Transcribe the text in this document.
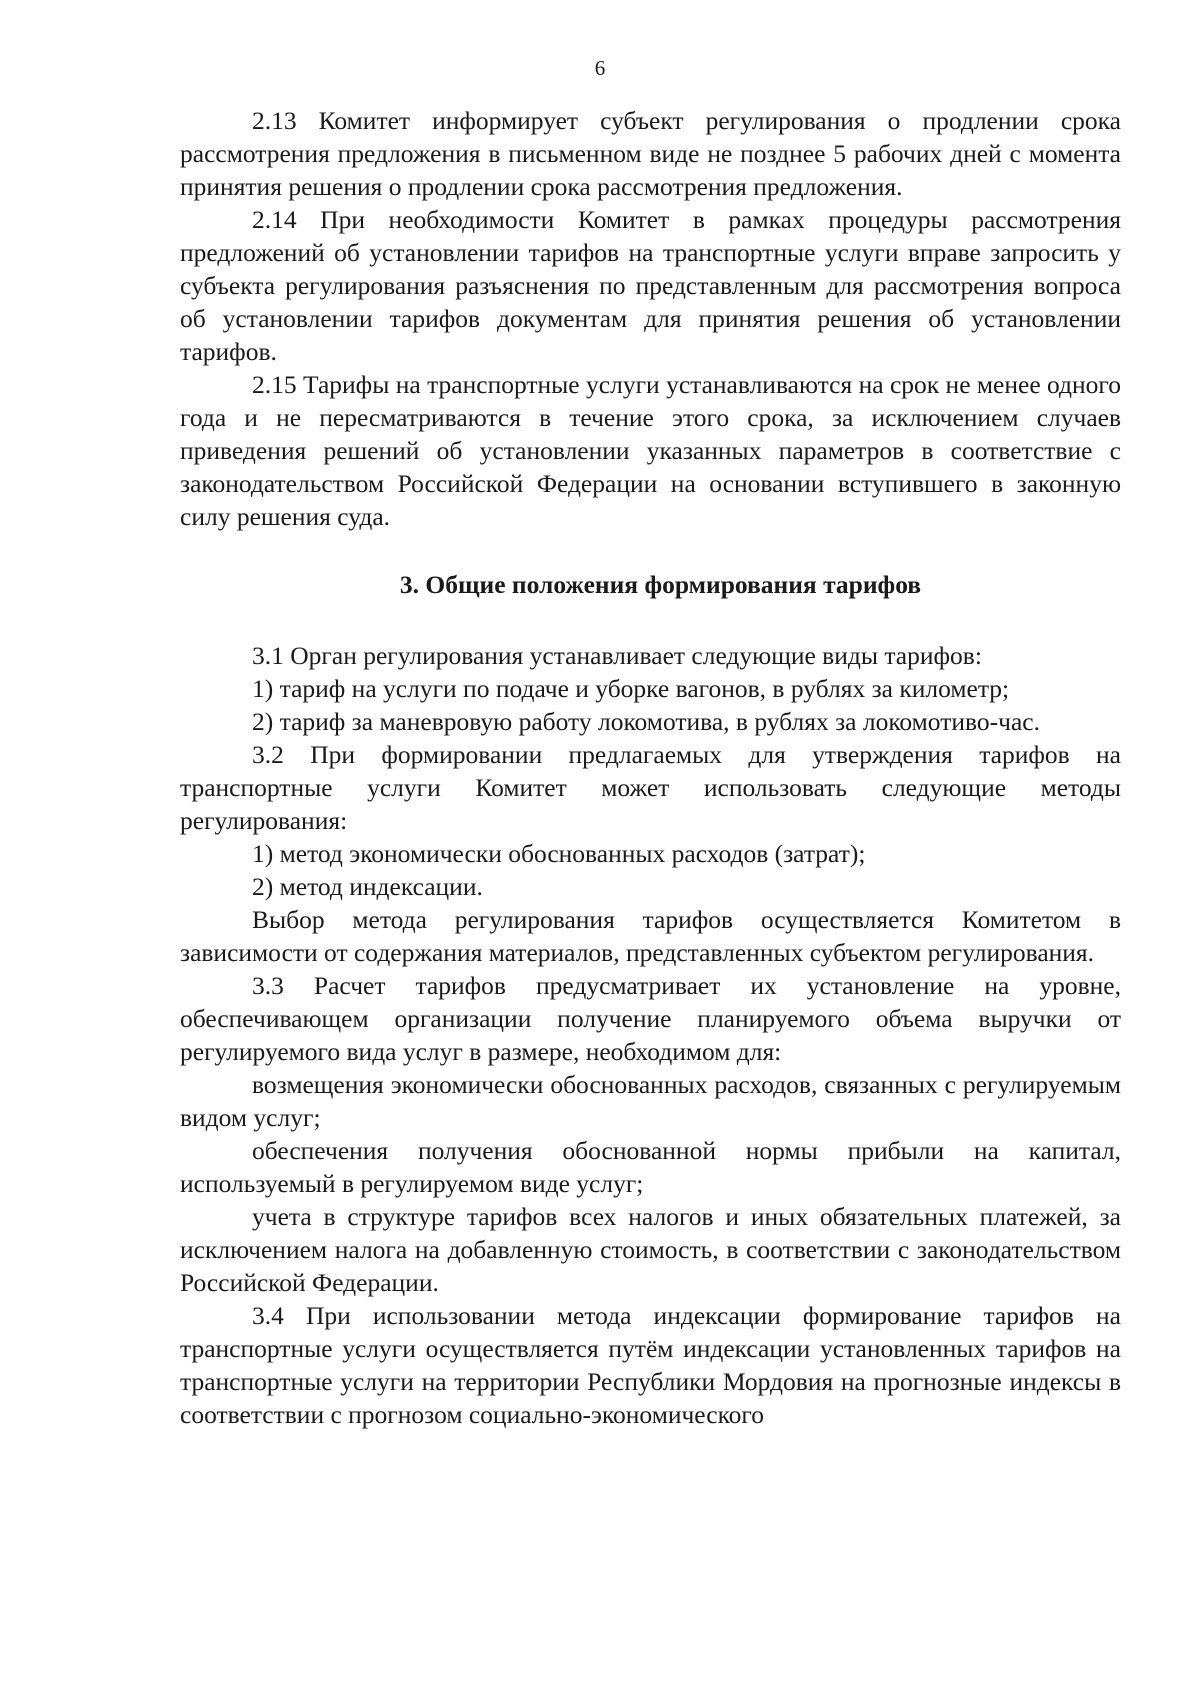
6

2.13 Комитет информирует субъект регулирования о продлении срока рассмотрения предложения в письменном виде не позднее 5 рабочих дней с момента принятия решения о продлении срока рассмотрения предложения.

2.14 При необходимости Комитет в рамках процедуры рассмотрения предложений об установлении тарифов на транспортные услуги вправе запросить у субъекта регулирования разъяснения по представленным для рассмотрения вопроса об установлении тарифов документам для принятия решения об установлении тарифов.

2.15 Тарифы на транспортные услуги устанавливаются на срок не менее одного года и не пересматриваются в течение этого срока, за исключением случаев приведения решений об установлении указанных параметров в соответствие с законодательством Российской Федерации на основании вступившего в законную силу решения суда.

3. Общие положения формирования тарифов

3.1 Орган регулирования устанавливает следующие виды тарифов:

1) тариф на услуги по подаче и уборке вагонов, в рублях за километр;

2) тариф за маневровую работу локомотива, в рублях за локомотиво-час.

3.2 При формировании предлагаемых для утверждения тарифов на транспортные услуги Комитет может использовать следующие методы регулирования:

1) метод экономически обоснованных расходов (затрат);

2) метод индексации.

Выбор метода регулирования тарифов осуществляется Комитетом в зависимости от содержания материалов, представленных субъектом регулирования.

3.3 Расчет тарифов предусматривает их установление на уровне, обеспечивающем организации получение планируемого объема выручки от регулируемого вида услуг в размере, необходимом для:

возмещения экономически обоснованных расходов, связанных с регулируемым видом услуг;

обеспечения получения обоснованной нормы прибыли на капитал, используемый в регулируемом виде услуг;

учета в структуре тарифов всех налогов и иных обязательных платежей, за исключением налога на добавленную стоимость, в соответствии с законодательством Российской Федерации.

3.4 При использовании метода индексации формирование тарифов на транспортные услуги осуществляется путём индексации установленных тарифов на транспортные услуги на территории Республики Мордовия на прогнозные индексы в соответствии с прогнозом социально-экономического
